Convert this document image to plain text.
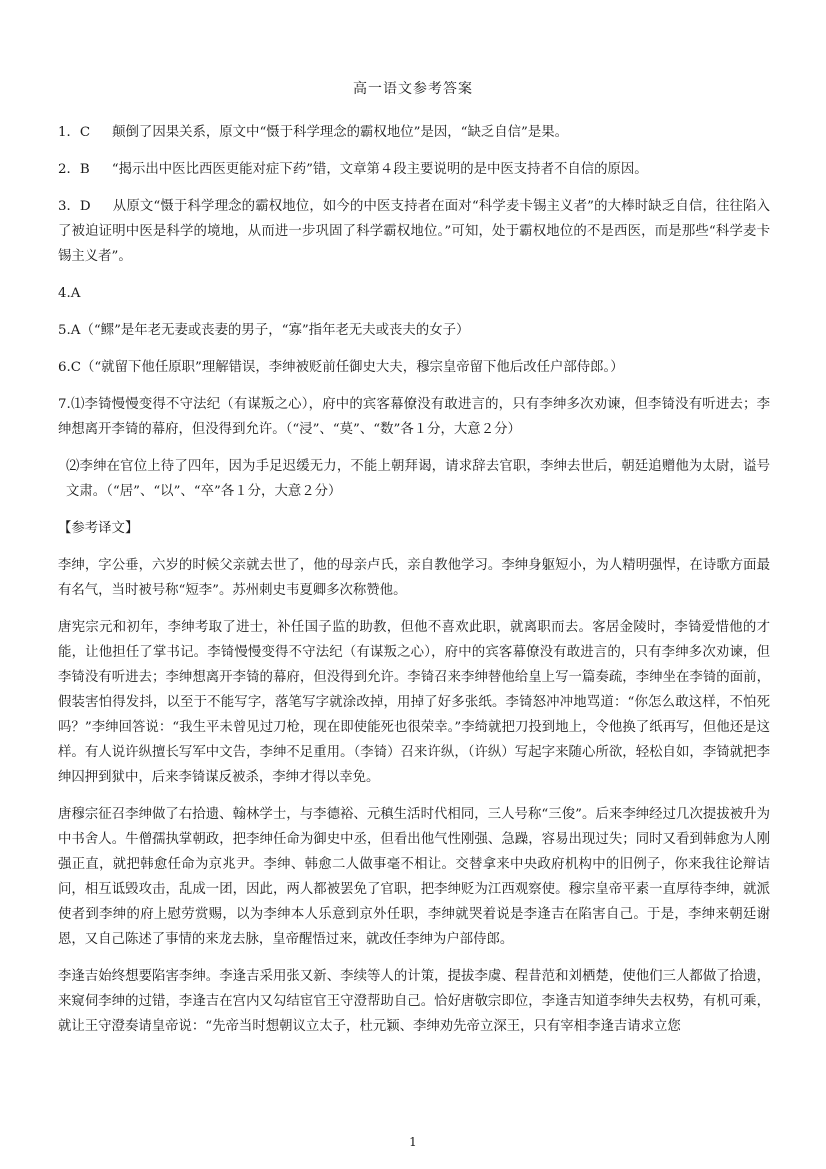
高一语文参考答案

1．C 颠倒了因果关系，原文中“慑于科学理念的霸权地位”是因，“缺乏自信”是果。

2．B “揭示出中医比西医更能对症下药”错，文章第４段主要说明的是中医支持者不自信的原因。

3．D 从原文“慑于科学理念的霸权地位，如今的中医支持者在面对“科学麦卡锡主义者”的大棒时缺乏自信，往往陷入了被迫证明中医是科学的境地，从而进一步巩固了科学霸权地位。”可知，处于霸权地位的不是西医，而是那些“科学麦卡锡主义者”。

4.A

5.A（“鳏”是年老无妻或丧妻的男子，“寡”指年老无夫或丧夫的女子）

6.C（“就留下他任原职”理解错误，李绅被贬前任御史大夫，穆宗皇帝留下他后改任户部侍郎。）

7.⑴李锜慢慢变得不守法纪（有谋叛之心），府中的宾客幕僚没有敢进言的，只有李绅多次劝谏，但李锜没有听进去；李绅想离开李锜的幕府，但没得到允许。（“浸”、“莫”、“数”各１分，大意２分）

⑵李绅在官位上待了四年，因为手足迟缓无力，不能上朝拜谒，请求辞去官职，李绅去世后，朝廷追赠他为太尉，谥号文肃。（“居”、“以”、“卒”各１分，大意２分）

【参考译文】

李绅，字公垂，六岁的时候父亲就去世了，他的母亲卢氏，亲自教他学习。李绅身躯短小，为人精明强悍，在诗歌方面最有名气，当时被号称“短李”。苏州刺史韦夏卿多次称赞他。

唐宪宗元和初年，李绅考取了进士，补任国子监的助教，但他不喜欢此职，就离职而去。客居金陵时，李锜爱惜他的才能，让他担任了掌书记。李锜慢慢变得不守法纪（有谋叛之心），府中的宾客幕僚没有敢进言的，只有李绅多次劝谏，但李锜没有听进去；李绅想离开李锜的幕府，但没得到允许。李锜召来李绅替他给皇上写一篇奏疏，李绅坐在李锜的面前，假装害怕得发抖，以至于不能写字，落笔写字就涂改掉，用掉了好多张纸。李锜怒冲冲地骂道：“你怎么敢这样，不怕死吗？”李绅回答说：“我生平未曾见过刀枪，现在即使能死也很荣幸。”李绮就把刀投到地上，令他换了纸再写，但他还是这样。有人说许纵擅长写军中文告，李绅不足重用。（李锜）召来许纵，（许纵）写起字来随心所欲，轻松自如，李锜就把李绅囚押到狱中，后来李锜谋反被杀，李绅才得以幸免。

唐穆宗征召李绅做了右拾遗、翰林学士，与李德裕、元稹生活时代相同，三人号称“三俊”。后来李绅经过几次提拔被升为中书舍人。牛僧孺执掌朝政，把李绅任命为御史中丞，但看出他气性刚强、急躁，容易出现过失；同时又看到韩愈为人刚强正直，就把韩愈任命为京兆尹。李绅、韩愈二人做事毫不相让。交替拿来中央政府机构中的旧例子，你来我往论辩诘问，相互诋毁攻击，乱成一团，因此，两人都被罢免了官职，把李绅贬为江西观察使。穆宗皇帝平素一直厚待李绅，就派使者到李绅的府上慰劳赏赐，以为李绅本人乐意到京外任职，李绅就哭着说是李逢吉在陷害自己。于是，李绅来朝廷谢恩，又自己陈述了事情的来龙去脉，皇帝醒悟过来，就改任李绅为户部侍郎。

李逢吉始终想要陷害李绅。李逢吉采用张又新、李续等人的计策，提拔李虞、程昔范和刘栖楚，使他们三人都做了拾遗，来窥伺李绅的过错，李逢吉在宫内又勾结宦官王守澄帮助自己。恰好唐敬宗即位，李逢吉知道李绅失去权势，有机可乘，就让王守澄奏请皇帝说：“先帝当时想朝议立太子，杜元颖、李绅劝先帝立深王，只有宰相李逢吉请求立您

1
